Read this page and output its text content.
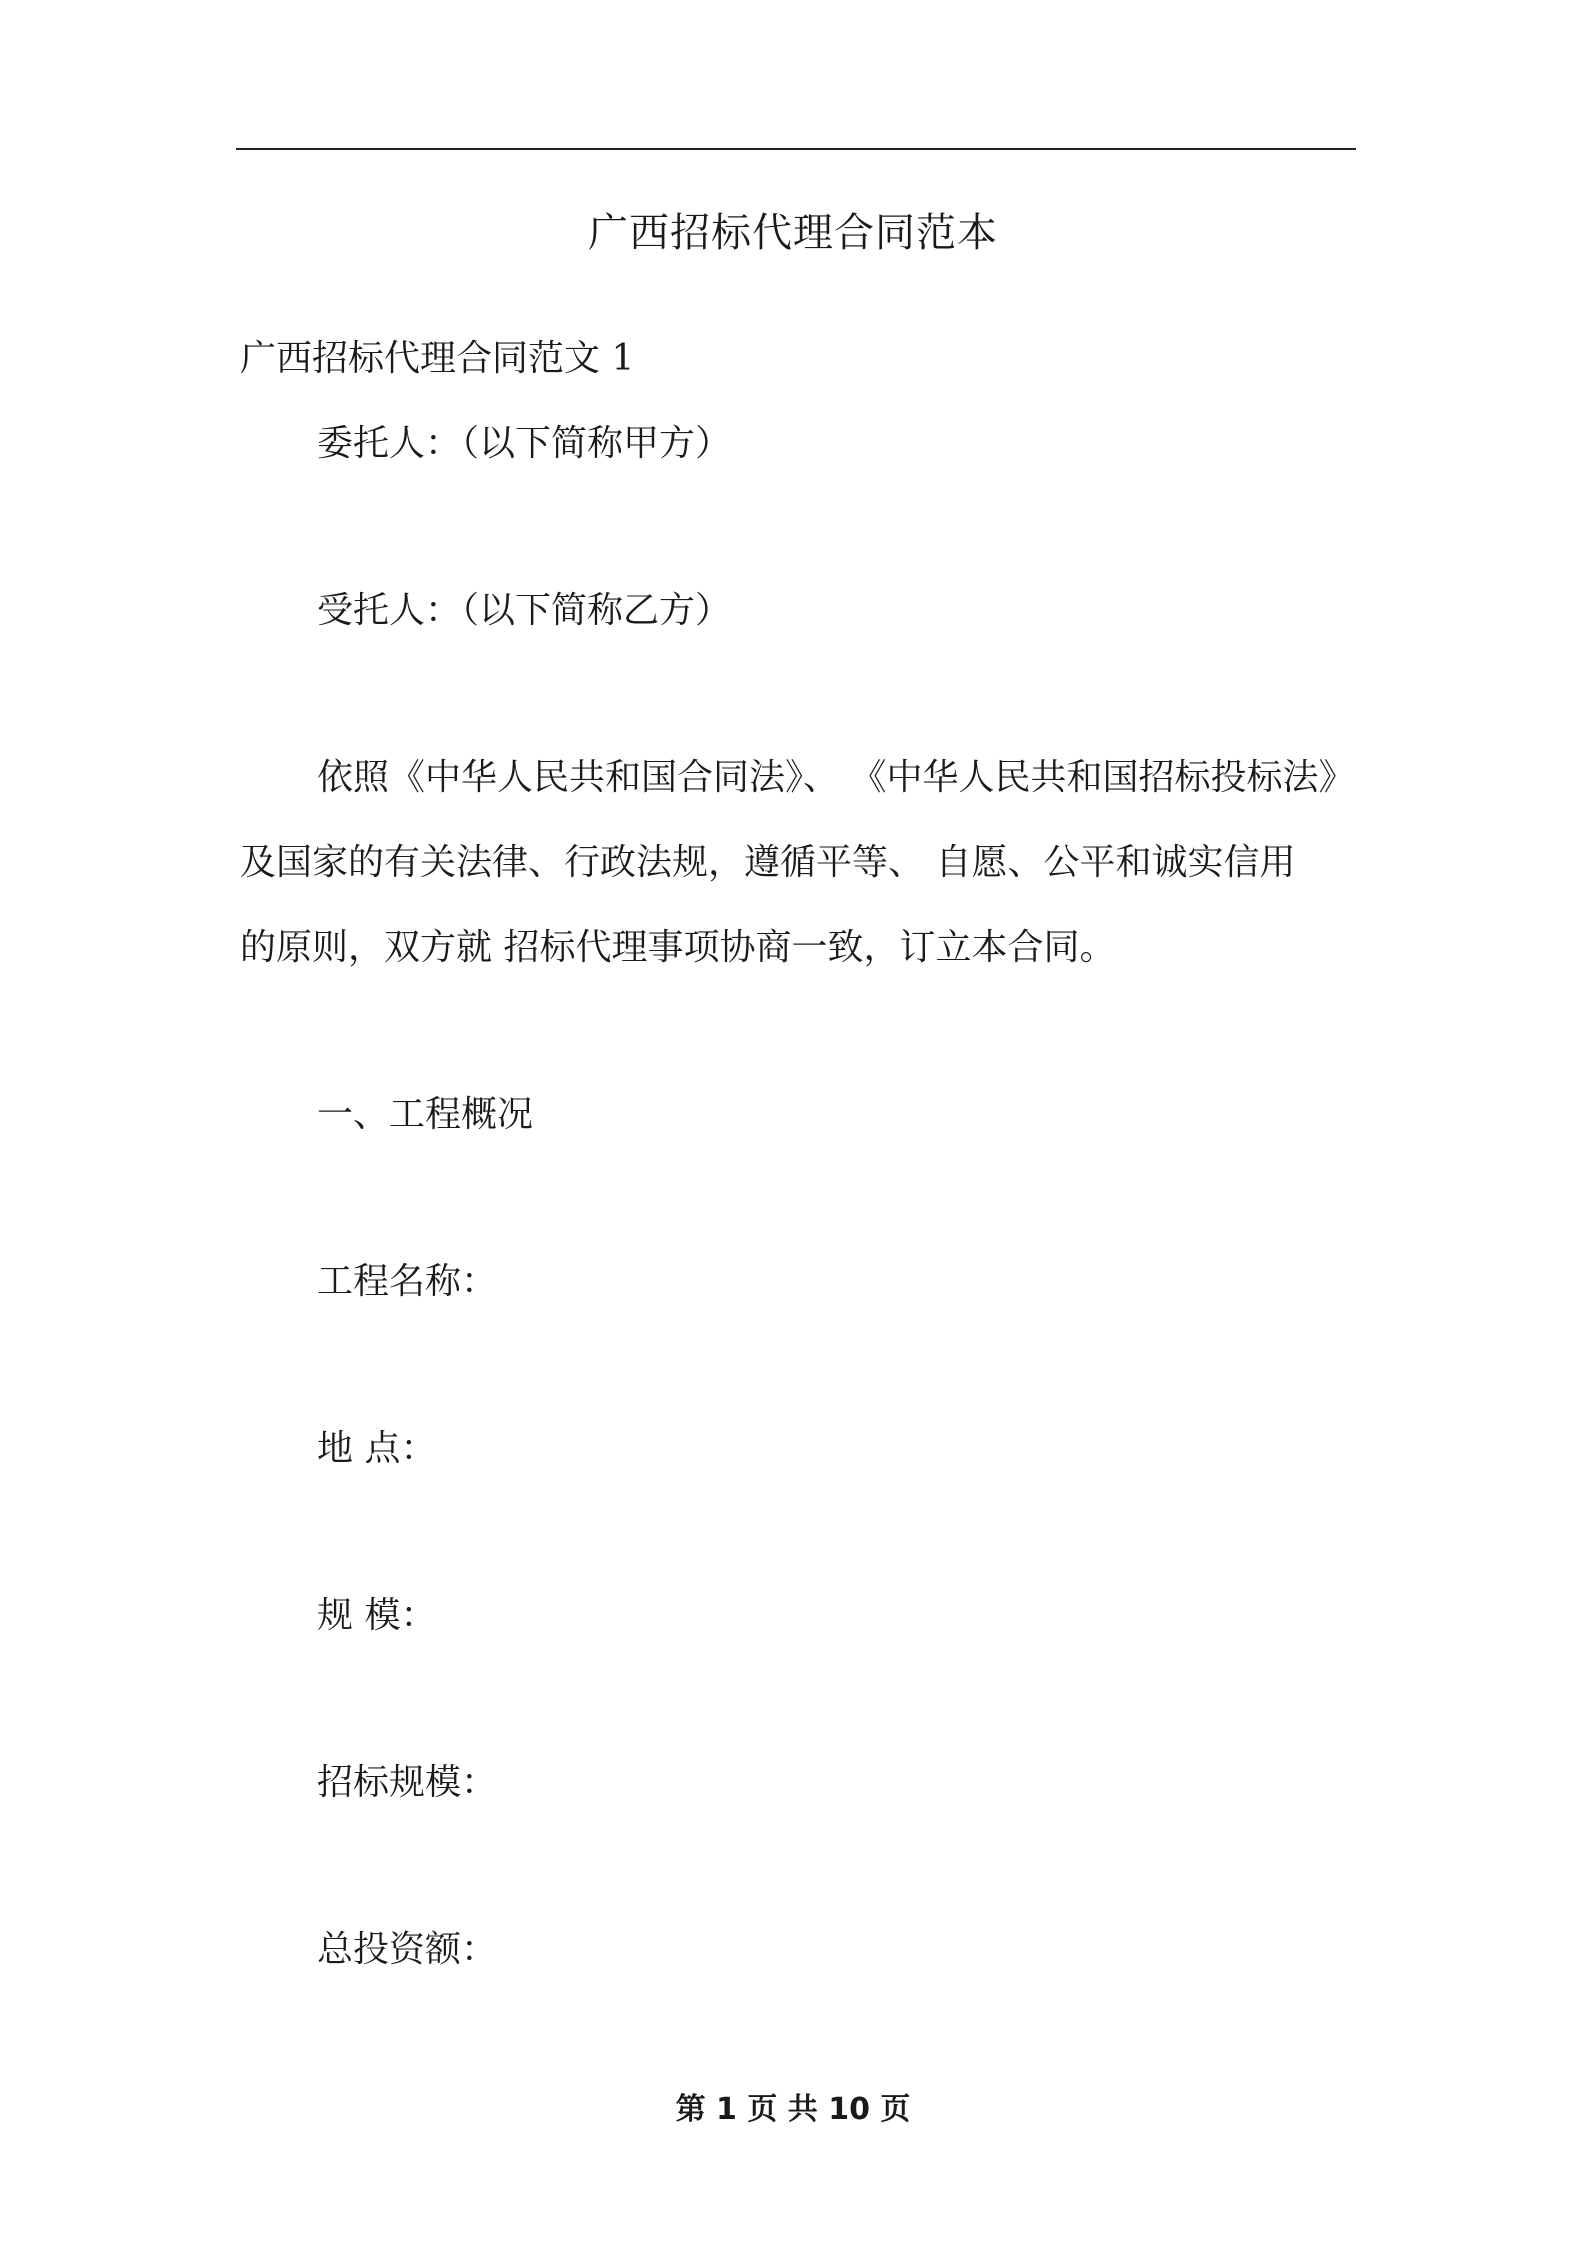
广西招标代理合同范本
广西招标代理合同范文 1
委托人：（以下简称甲方）
受托人：（以下简称乙方）
依照《中华人民共和国合同法》、 《中华人民共和国招标投标法》
及国家的有关法律、行政法规，遵循平等、 自愿、公平和诚实信用
的原则，双方就 招标代理事项协商一致，订立本合同。
一、工程概况
工程名称：
地 点：
规 模：
招标规模：
总投资额：
第 1 页 共 10 页
